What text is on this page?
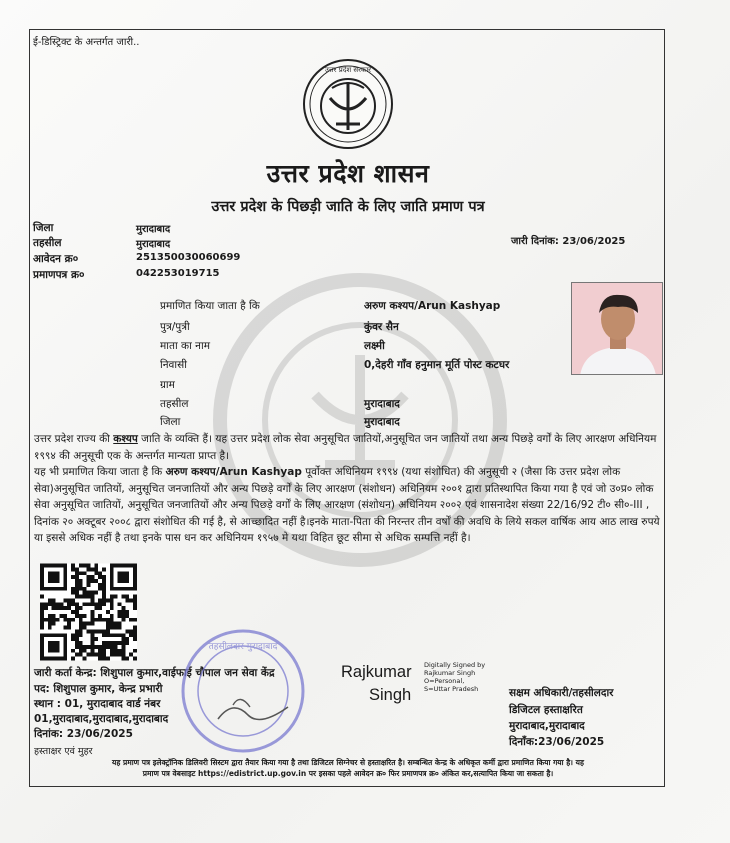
ई-डिस्ट्रिक्ट के अन्तर्गत जारी..
उत्तर प्रदेश सरकार
उत्तर प्रदेश शासन
उत्तर प्रदेश के पिछड़ी जाति के लिए जाति प्रमाण पत्र
जिला	मुरादाबाद
तहसील	मुरादाबाद
आवेदन क्र०	251350030060699
प्रमाणपत्र क्र०	042253019715
जारी दिनांक: 23/06/2025
प्रमाणित किया जाता है कि	अरुण कश्यप/Arun Kashyap
पुत्र/पुत्री	कुंवर सैन
माता का नाम	लक्ष्मी
निवासी	0,देहरी गाँव हनुमान मूर्ति पोस्ट कटघर
ग्राम
तहसील	मुरादाबाद
जिला	मुरादाबाद
उत्तर प्रदेश राज्य की कश्यप जाति के व्यक्ति हैं। यह उत्तर प्रदेश लोक सेवा अनुसूचित जातियों,अनुसूचित जन जातियों तथा अन्य पिछड़े वर्गों के लिए आरक्षण अधिनियम १९९४ की अनुसूची एक के अन्तर्गत मान्यता प्राप्त है।
यह भी प्रमाणित किया जाता है कि अरुण कश्यप/Arun Kashyap पूर्वोक्त अधिनियम १९९४ (यथा संशोधित) की अनुसूची २ (जैसा कि उत्तर प्रदेश लोक सेवा)अनुसूचित जातियों, अनुसूचित जनजातियों और अन्य पिछड़े वर्गों के लिए आरक्षण (संशोधन) अधिनियम २००१ द्वारा प्रतिस्थापित किया गया है एवं जो उ०प्र० लोक सेवा अनुसूचित जातियों, अनुसूचित जनजातियों और अन्य पिछड़े वर्गों के लिए आरक्षण (संशोधन) अधिनियम २००२ एवं शासनादेश संख्या 22/16/92 टी० सी०-III , दिनांक २० अक्टूबर २००८ द्वारा संशोधित की गई है, से आच्छादित नहीं है।इनके माता-पिता की निरन्तर तीन वर्षों की अवधि के लिये सकल वार्षिक आय आठ लाख रुपये या इससे अधिक नहीं है तथा इनके पास धन कर अधिनियम १९५७ मे यथा विहित छूट सीमा से अधिक सम्पत्ति नहीं है।
जारी कर्ता केन्द्र: शिशुपाल कुमार,वाईफाई चौपाल जन सेवा केंद्र
पद: शिशुपाल कुमार, केन्द्र प्रभारी
स्थान : 01, मुरादाबाद वार्ड नंबर
01,मुरादाबाद,मुरादाबाद,मुरादाबाद
दिनांक: 23/06/2025
हस्ताक्षर एवं मुहर
तहसीलदार मुरादाबाद
Rajkumar
Singh
Digitally Signed by
Rajkumar Singh
O=Personal,
S=Uttar Pradesh	सक्षम अधिकारी/तहसीलदार
डिजिटल हस्ताक्षरित
मुरादाबाद,मुरादाबाद
दिनाँक:23/06/2025
यह प्रमाण पत्र इलेक्ट्रॉनिक डिलिवरी सिस्टम द्वारा तैयार किया गया है तथा डिजिटल सिग्नेचर से हस्ताक्षरित है। सम्बन्धित केन्द्र के अधिकृत कर्मी द्वारा प्रमाणित किया गया है। यह
प्रमाण पत्र वेबसाइट https://edistrict.up.gov.in पर इसका पहले आवेदन क्र० फिर प्रमाणपत्र क्र० अंकित कर,सत्यापित किया जा सकता है।
